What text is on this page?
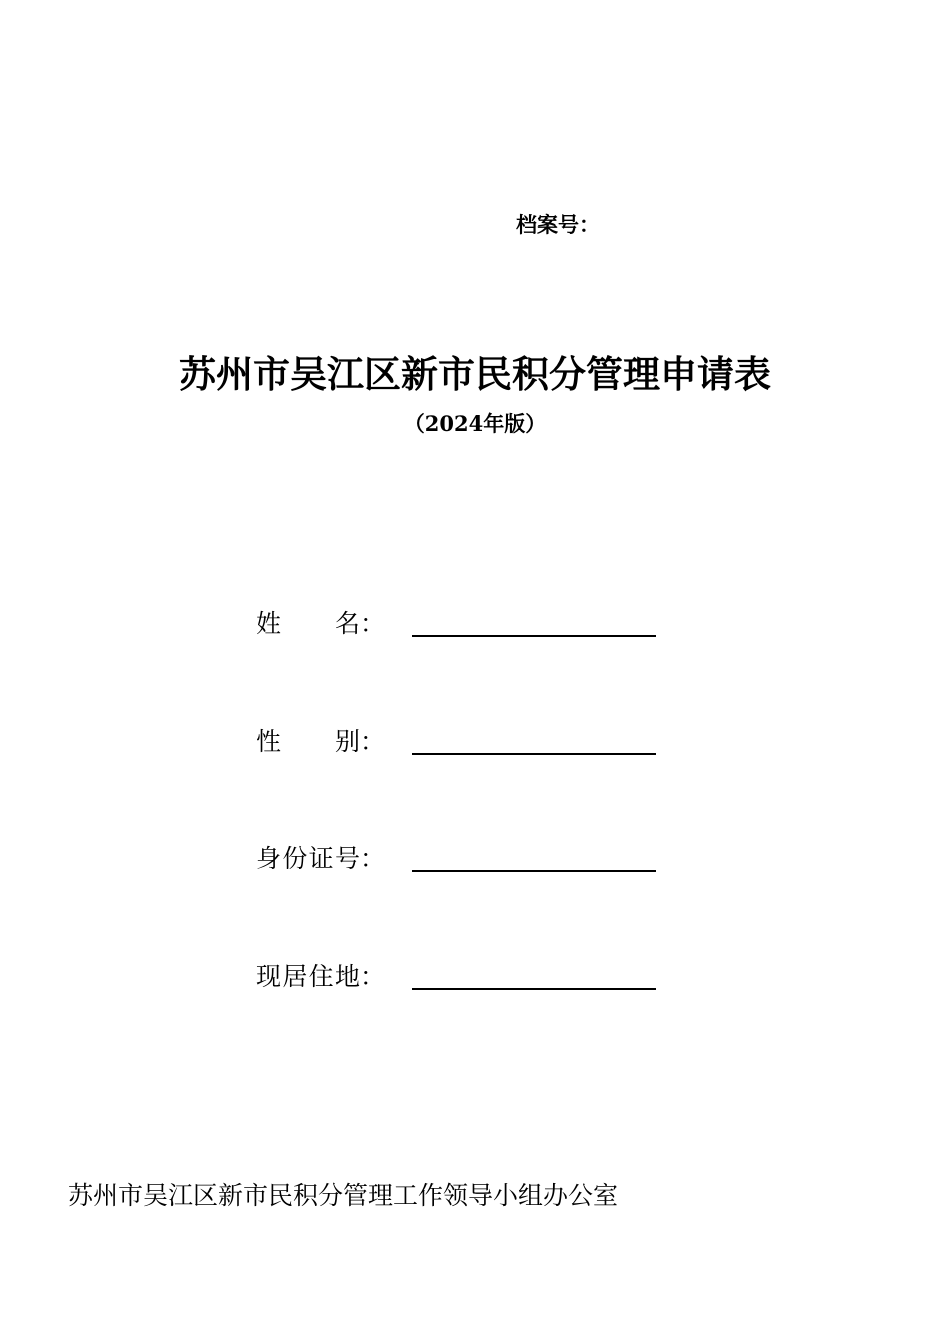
档案号：
苏州市吴江区新市民积分管理申请表
（2024年版）
姓 名 ：
性 别 ：
身 份 证 号 ：
现 居 住 地 ：
苏州市吴江区新市民积分管理工作领导小组办公室
